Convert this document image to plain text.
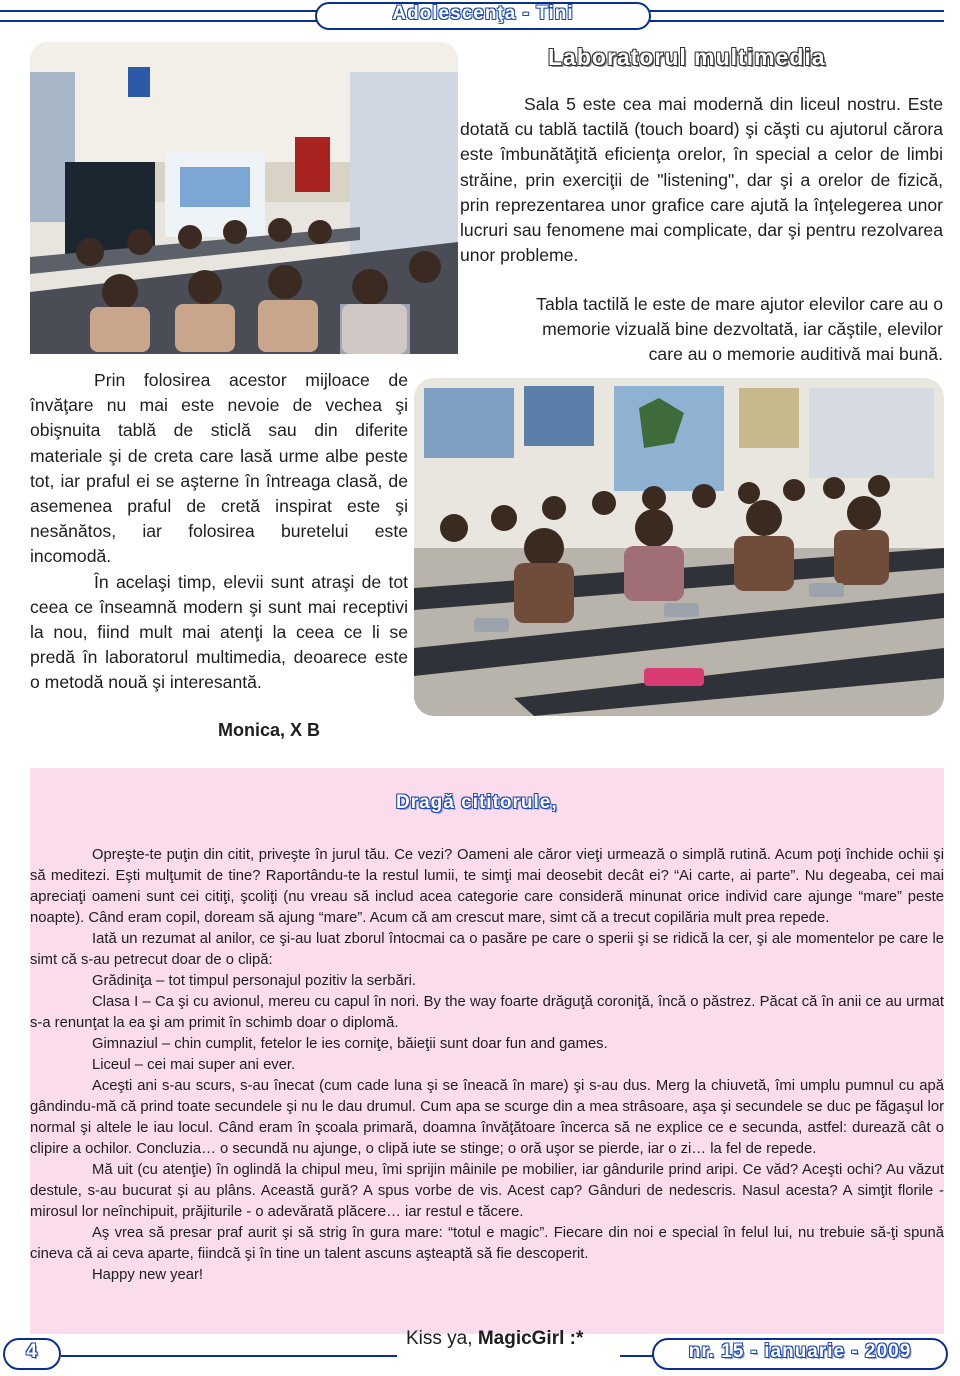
Adolescenţa - Tini
Laboratorul multimedia

Sala 5 este cea mai modernă din liceul nostru. Este dotată cu tablă tactilă (touch board) şi căşti cu ajutorul cărora este îmbunătăţită eficienţa orelor, în special a celor de limbi străine, prin exerciţii de "listening", dar şi a orelor de fizică, prin reprezentarea unor grafice care ajută la înţelegerea unor lucruri sau fenomene mai complicate, dar şi pentru rezolvarea unor probleme.

Tabla tactilă le este de mare ajutor elevilor care au o memorie vizuală bine dezvoltată, iar căştile, elevilor care au o memorie auditivă mai bună.

Prin folosirea acestor mijloace de învăţare nu mai este nevoie de vechea şi obişnuita tablă de sticlă sau din diferite materiale şi de creta care lasă urme albe peste tot, iar praful ei se aşterne în întreaga clasă, de asemenea praful de cretă inspirat este şi nesănătos, iar folosirea buretelui este incomodă.

În acelaşi timp, elevii sunt atraşi de tot ceea ce înseamnă modern şi sunt mai receptivi la nou, fiind mult mai atenţi la ceea ce li se predă în laboratorul multimedia, deoarece este o metodă nouă şi interesantă.

Monica, X B
Dragă cititorule,

Opreşte-te puţin din citit, priveşte în jurul tău. Ce vezi? Oameni ale căror vieţi urmează o simplă rutină. Acum poţi închide ochii şi să meditezi. Eşti mulţumit de tine? Raportându-te la restul lumii, te simţi mai deosebit decât ei? “Ai carte, ai parte”. Nu degeaba, cei mai apreciaţi oameni sunt cei citiţi, şcoliţi (nu vreau să includ acea categorie care consideră minunat orice individ care ajunge “mare” peste noapte). Când eram copil, doream să ajung “mare”. Acum că am crescut mare, simt că a trecut copilăria mult prea repede.

Iată un rezumat al anilor, ce şi-au luat zborul întocmai ca o pasăre pe care o sperii şi se ridică la cer, şi ale momentelor pe care le simt că s-au petrecut doar de o clipă:

Grădiniţa – tot timpul personajul pozitiv la serbări.

Clasa I – Ca şi cu avionul, mereu cu capul în nori. By the way foarte drăguţă coroniţă, încă o păstrez. Păcat că în anii ce au urmat s-a renunţat la ea şi am primit în schimb doar o diplomă.

Gimnaziul – chin cumplit, fetelor le ies corniţe, băieţii sunt doar fun and games.

Liceul – cei mai super ani ever.

Aceşti ani s-au scurs, s-au înecat (cum cade luna şi se îneacă în mare) şi s-au dus. Merg la chiuvetă, îmi umplu pumnul cu apă gândindu-mă că prind toate secundele şi nu le dau drumul. Cum apa se scurge din a mea strâsoare, aşa şi secundele se duc pe făgaşul lor normal şi altele le iau locul. Când eram în şcoala primară, doamna învăţătoare încerca să ne explice ce e secunda, astfel: durează cât o clipire a ochilor. Concluzia… o secundă nu ajunge, o clipă iute se stinge; o oră uşor se pierde, iar o zi… la fel de repede.

Mă uit (cu atenţie) în oglindă la chipul meu, îmi sprijin mâinile pe mobilier, iar gândurile prind aripi. Ce văd? Aceşti ochi? Au văzut destule, s-au bucurat şi au plâns. Această gură? A spus vorbe de vis. Acest cap? Gânduri de nedescris. Nasul acesta? A simţit florile - mirosul lor neînchipuit, prăjiturile - o adevărată plăcere… iar restul e tăcere.

Aş vrea să presar praf aurit şi să strig în gura mare: “totul e magic”. Fiecare din noi e special în felul lui, nu trebuie să-ţi spună cineva că ai ceva aparte, fiindcă şi în tine un talent ascuns aşteaptă să fie descoperit.

Happy new year!

Kiss ya, MagicGirl :*
4	nr. 15 - ianuarie - 2009
